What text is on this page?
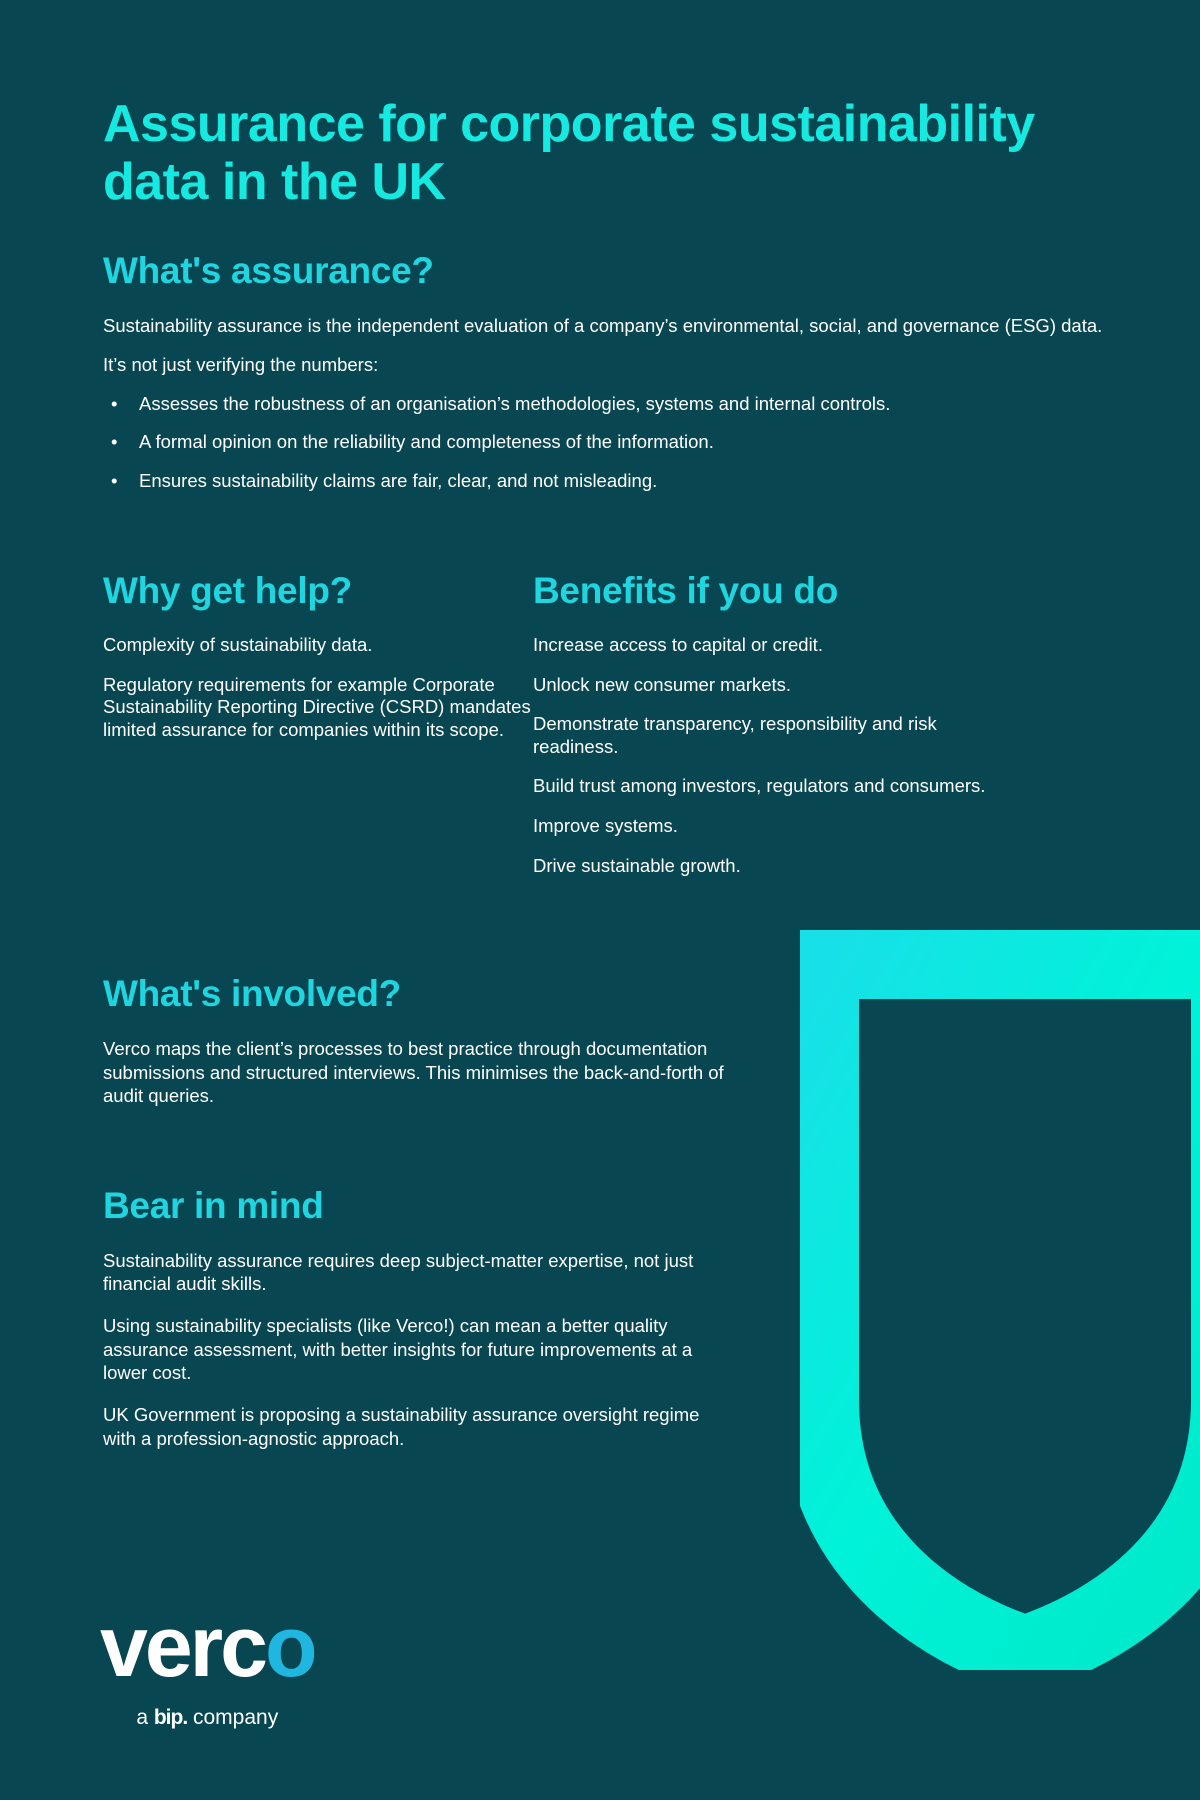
Assurance for corporate sustainability data in the UK
What's assurance?

Sustainability assurance is the independent evaluation of a company’s environmental, social, and governance (ESG) data.

It’s not just verifying the numbers:

• Assesses the robustness of an organisation’s methodologies, systems and internal controls.
• A formal opinion on the reliability and completeness of the information.
• Ensures sustainability claims are fair, clear, and not misleading.
Why get help?

Complexity of sustainability data.

Regulatory requirements for example Corporate Sustainability Reporting Directive (CSRD) mandates limited assurance for companies within its scope.

Benefits if you do

Increase access to capital or credit.

Unlock new consumer markets.

Demonstrate transparency, responsibility and risk readiness.

Build trust among investors, regulators and consumers.

Improve systems.

Drive sustainable growth.

What's involved?

Verco maps the client’s processes to best practice through documentation submissions and structured interviews. This minimises the back-and-forth of audit queries.

Bear in mind

Sustainability assurance requires deep subject-matter expertise, not just financial audit skills.

Using sustainability specialists (like Verco!) can mean a better quality assurance assessment, with better insights for future improvements at a lower cost.

UK Government is proposing a sustainability assurance oversight regime with a profession-agnostic approach.

verco
a bip. company
